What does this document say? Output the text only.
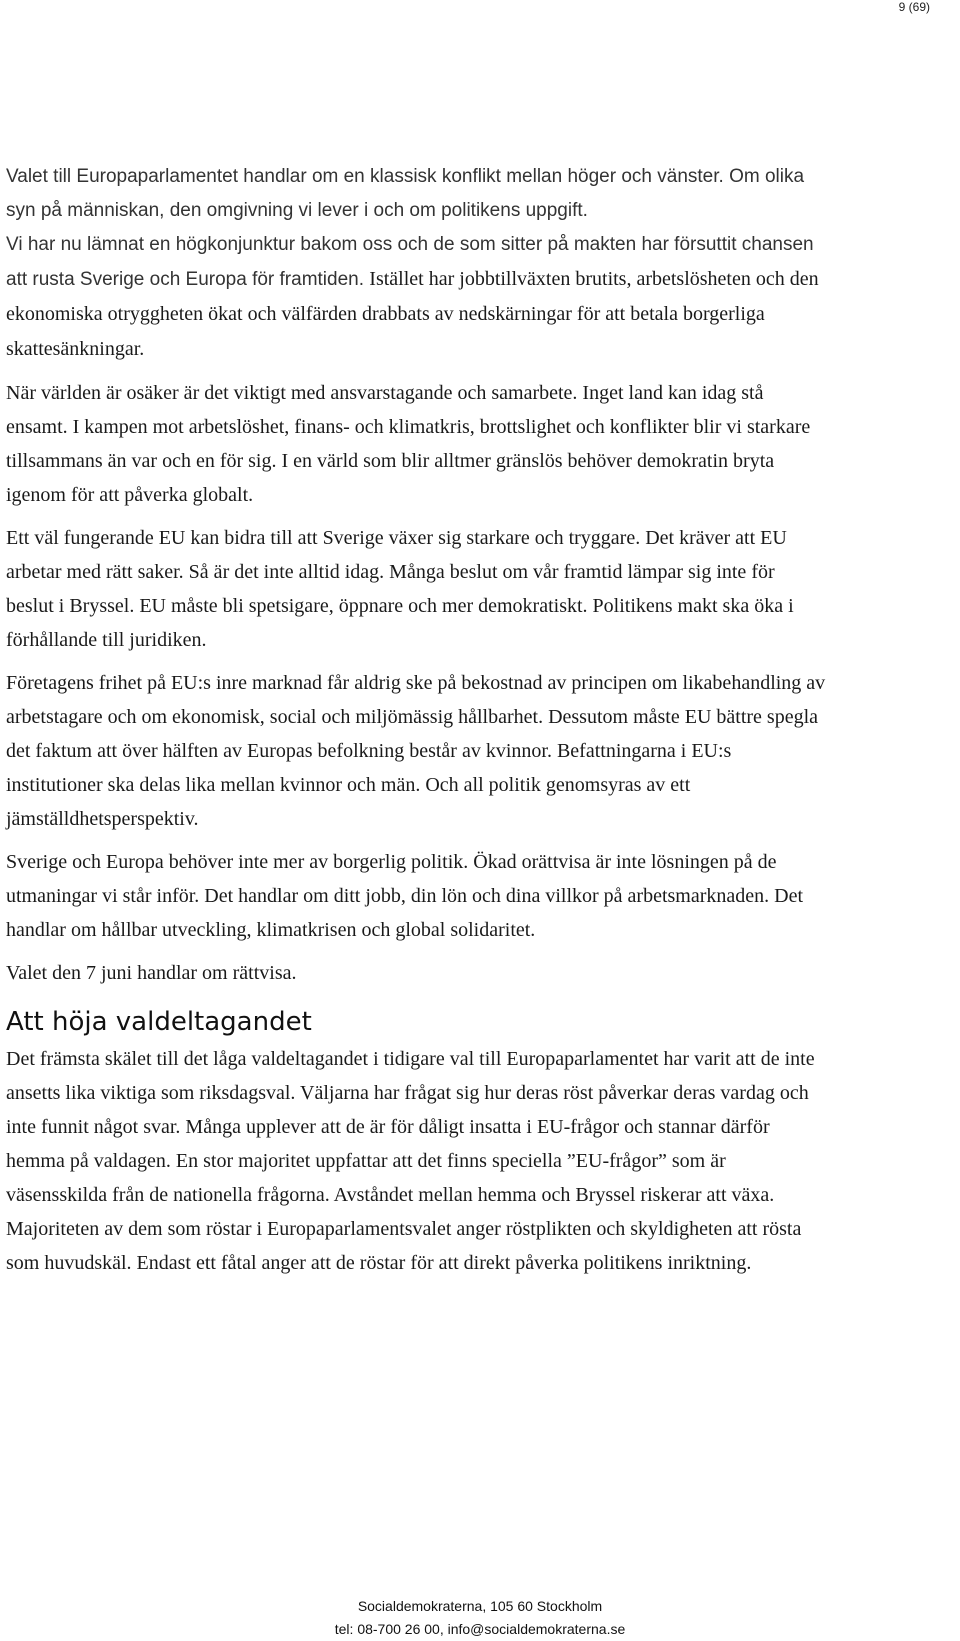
9 (69)

Valet till Europaparlamentet handlar om en klassisk konflikt mellan höger och vänster. Om olika syn på människan, den omgivning vi lever i och om politikens uppgift.

Vi har nu lämnat en högkonjunktur bakom oss och de som sitter på makten har försuttit chansen att rusta Sverige och Europa för framtiden. Istället har jobbtillväxten brutits, arbetslösheten och den ekonomiska otryggheten ökat och välfärden drabbats av nedskärningar för att betala borgerliga skattesänkningar.

När världen är osäker är det viktigt med ansvarstagande och samarbete. Inget land kan idag stå ensamt. I kampen mot arbetslöshet, finans- och klimatkris, brottslighet och konflikter blir vi starkare tillsammans än var och en för sig. I en värld som blir alltmer gränslös behöver demokratin bryta igenom för att påverka globalt.

Ett väl fungerande EU kan bidra till att Sverige växer sig starkare och tryggare. Det kräver att EU arbetar med rätt saker. Så är det inte alltid idag. Många beslut om vår framtid lämpar sig inte för beslut i Bryssel. EU måste bli spetsigare, öppnare och mer demokratiskt. Politikens makt ska öka i förhållande till juridiken.

Företagens frihet på EU:s inre marknad får aldrig ske på bekostnad av principen om likabehandling av arbetstagare och om ekonomisk, social och miljömässig hållbarhet. Dessutom måste EU bättre spegla det faktum att över hälften av Europas befolkning består av kvinnor. Befattningarna i EU:s institutioner ska delas lika mellan kvinnor och män. Och all politik genomsyras av ett jämställdhetsperspektiv.

Sverige och Europa behöver inte mer av borgerlig politik. Ökad orättvisa är inte lösningen på de utmaningar vi står inför. Det handlar om ditt jobb, din lön och dina villkor på arbetsmarknaden. Det handlar om hållbar utveckling, klimatkrisen och global solidaritet.

Valet den 7 juni handlar om rättvisa.

Att höja valdeltagandet

Det främsta skälet till det låga valdeltagandet i tidigare val till Europaparlamentet har varit att de inte ansetts lika viktiga som riksdagsval. Väljarna har frågat sig hur deras röst påverkar deras vardag och inte funnit något svar. Många upplever att de är för dåligt insatta i EU-frågor och stannar därför hemma på valdagen. En stor majoritet uppfattar att det finns speciella ”EU-frågor” som är väsensskilda från de nationella frågorna. Avståndet mellan hemma och Bryssel riskerar att växa. Majoriteten av dem som röstar i Europaparlamentsvalet anger röstplikten och skyldigheten att rösta som huvudskäl. Endast ett fåtal anger att de röstar för att direkt påverka politikens inriktning.

Socialdemokraterna, 105 60 Stockholm
tel: 08-700 26 00, info@socialdemokraterna.se
